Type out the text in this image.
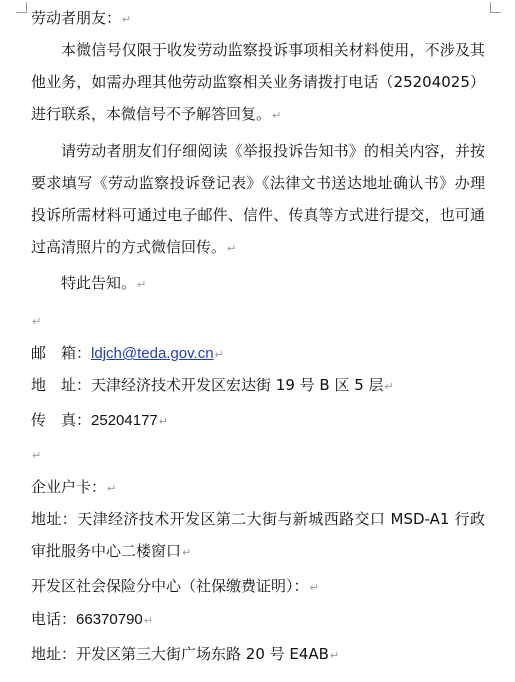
劳动者朋友：↵
本微信号仅限于收发劳动监察投诉事项相关材料使用，不涉及其他业务，如需办理其他劳动监察相关业务请拨打电话（25204025）进行联系，本微信号不予解答回复。↵
请劳动者朋友们仔细阅读《举报投诉告知书》的相关内容，并按要求填写《劳动监察投诉登记表》《法律文书送达地址确认书》办理投诉所需材料可通过电子邮件、信件、传真等方式进行提交，也可通过高清照片的方式微信回传。↵
特此告知。↵
↵
邮　箱：ldjch@teda.gov.cn↵
地　址：天津经济技术开发区宏达街 19 号 B 区 5 层↵
传　真：25204177↵
↵
企业户卡：↵
地址：天津经济技术开发区第二大街与新城西路交口 MSD-A1 行政审批服务中心二楼窗口↵
开发区社会保险分中心（社保缴费证明）：↵
电话：66370790↵
地址：开发区第三大街广场东路 20 号 E4AB↵
